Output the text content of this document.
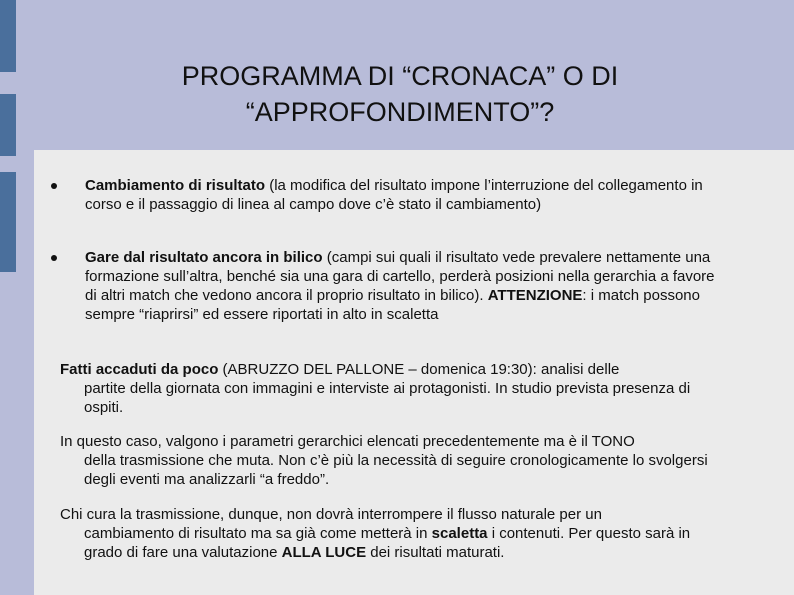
PROGRAMMA DI “CRONACA” O DI
“APPROFONDIMENTO”?
Cambiamento di risultato (la modifica del risultato impone l’interruzione del collegamento in corso e il passaggio di linea al campo dove c’è stato il cambiamento)
Gare dal risultato ancora in bilico (campi sui quali il risultato vede prevalere nettamente una formazione sull’altra, benché sia una gara di cartello, perderà posizioni nella gerarchia a favore di altri match che vedono ancora il proprio risultato in bilico). ATTENZIONE: i match possono sempre “riaprirsi” ed essere riportati in alto in scaletta
Fatti accaduti da poco (ABRUZZO DEL PALLONE – domenica 19:30): analisi delle
partite della giornata con immagini e interviste ai protagonisti. In studio prevista presenza di ospiti.
In questo caso, valgono i parametri gerarchici elencati precedentemente ma è il TONO
della trasmissione che muta. Non c’è più la necessità di seguire cronologicamente lo svolgersi degli eventi ma analizzarli “a freddo”.
Chi cura la trasmissione, dunque, non dovrà interrompere il flusso naturale per un
cambiamento di risultato ma sa già come metterà in scaletta i contenuti. Per questo sarà in grado di fare una valutazione ALLA LUCE dei risultati maturati.
